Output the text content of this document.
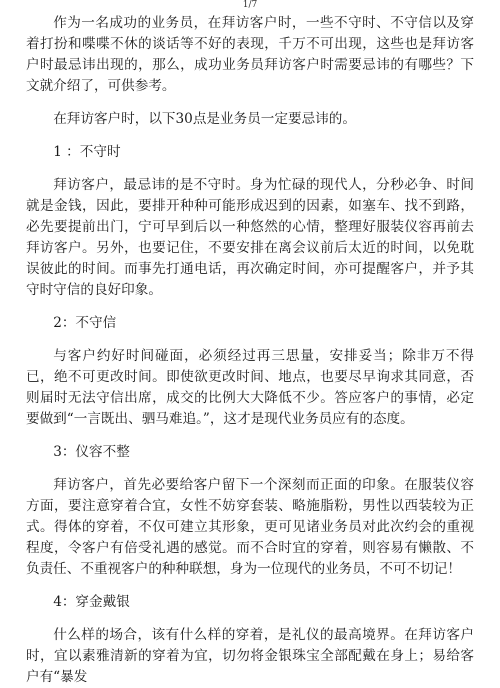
1/7

作为一名成功的业务员，在拜访客户时，一些不守时、不守信以及穿着打扮和喋喋不休的谈话等不好的表现，千万不可出现，这些也是拜访客户时最忌讳出现的，那么，成功业务员拜访客户时需要忌讳的有哪些？下文就介绍了，可供参考。

在拜访客户时，以下30点是业务员一定要忌讳的。

1 ：不守时

拜访客户，最忌讳的是不守时。身为忙碌的现代人，分秒必争、时间就是金钱，因此，要排开种种可能形成迟到的因素，如塞车、找不到路，必先要提前出门，宁可早到后以一种悠然的心情，整理好服装仪容再前去拜访客户。另外，也要记住，不要安排在离会议前后太近的时间，以免耽误彼此的时间。而事先打通电话，再次确定时间，亦可提醒客户，并予其守时守信的良好印象。

2：不守信

与客户约好时间碰面，必须经过再三思量，安排妥当；除非万不得已，绝不可更改时间。即使欲更改时间、地点，也要尽早询求其同意，否则届时无法守信出席，成交的比例大大降低不少。答应客户的事情，必定要做到“一言既出、驷马难追。”，这才是现代业务员应有的态度。

3：仪容不整

拜访客户，首先必要给客户留下一个深刻而正面的印象。在服装仪容方面，要注意穿着合宜，女性不妨穿套装、略施脂粉，男性以西装较为正式。得体的穿着，不仅可建立其形象，更可见诸业务员对此次约会的重视程度，令客户有倍受礼遇的感觉。而不合时宜的穿着，则容易有懒散、不负责任、不重视客户的种种联想，身为一位现代的业务员，不可不切记！

4：穿金戴银

什么样的场合，该有什么样的穿着，是礼仪的最高境界。在拜访客户时，宜以素雅清新的穿着为宜，切勿将金银珠宝全部配戴在身上；易给客户有“暴发
